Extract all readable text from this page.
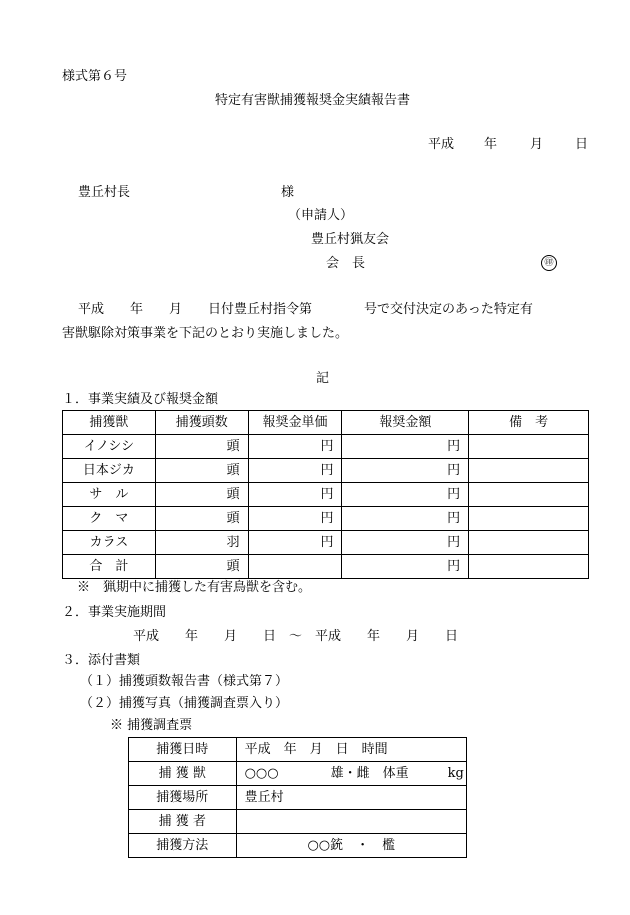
様式第６号
特定有害獣捕獲報奨金実績報告書
平成 年	月 日
豊丘村長	様
（申請人）
豊丘村猟友会
会　長	㊞
平成　　年　　月　　日付豊丘村指令第　　　　号で交付決定のあった特定有
害獣駆除対策事業を下記のとおり実施しました。
記
１．事業実績及び報奨金額
捕獲獣	捕獲頭数	報奨金単価	報奨金額	備　考
イノシシ	頭	円	円	
日本ジカ	頭	円	円	
サ　ル	頭	円	円	
ク　マ	頭	円	円	
カラス	羽	円	円	
合　計	頭		円	
※　猟期中に捕獲した有害鳥獣を含む。
２．事業実施期間
平成　　年　　月　　日　～　平成　　年　　月　　日
３．添付書類
（１）捕獲頭数報告書（様式第７）
（２）捕獲写真（捕獲調査票入り）
※ 捕獲調査票
捕獲日時	平成　年　月　日　時間
捕 獲 獣	○○○　　　　雄・雌　体重　　　kg
捕獲場所	豊丘村
捕 獲 者	
捕獲方法	○○銃　・　檻
